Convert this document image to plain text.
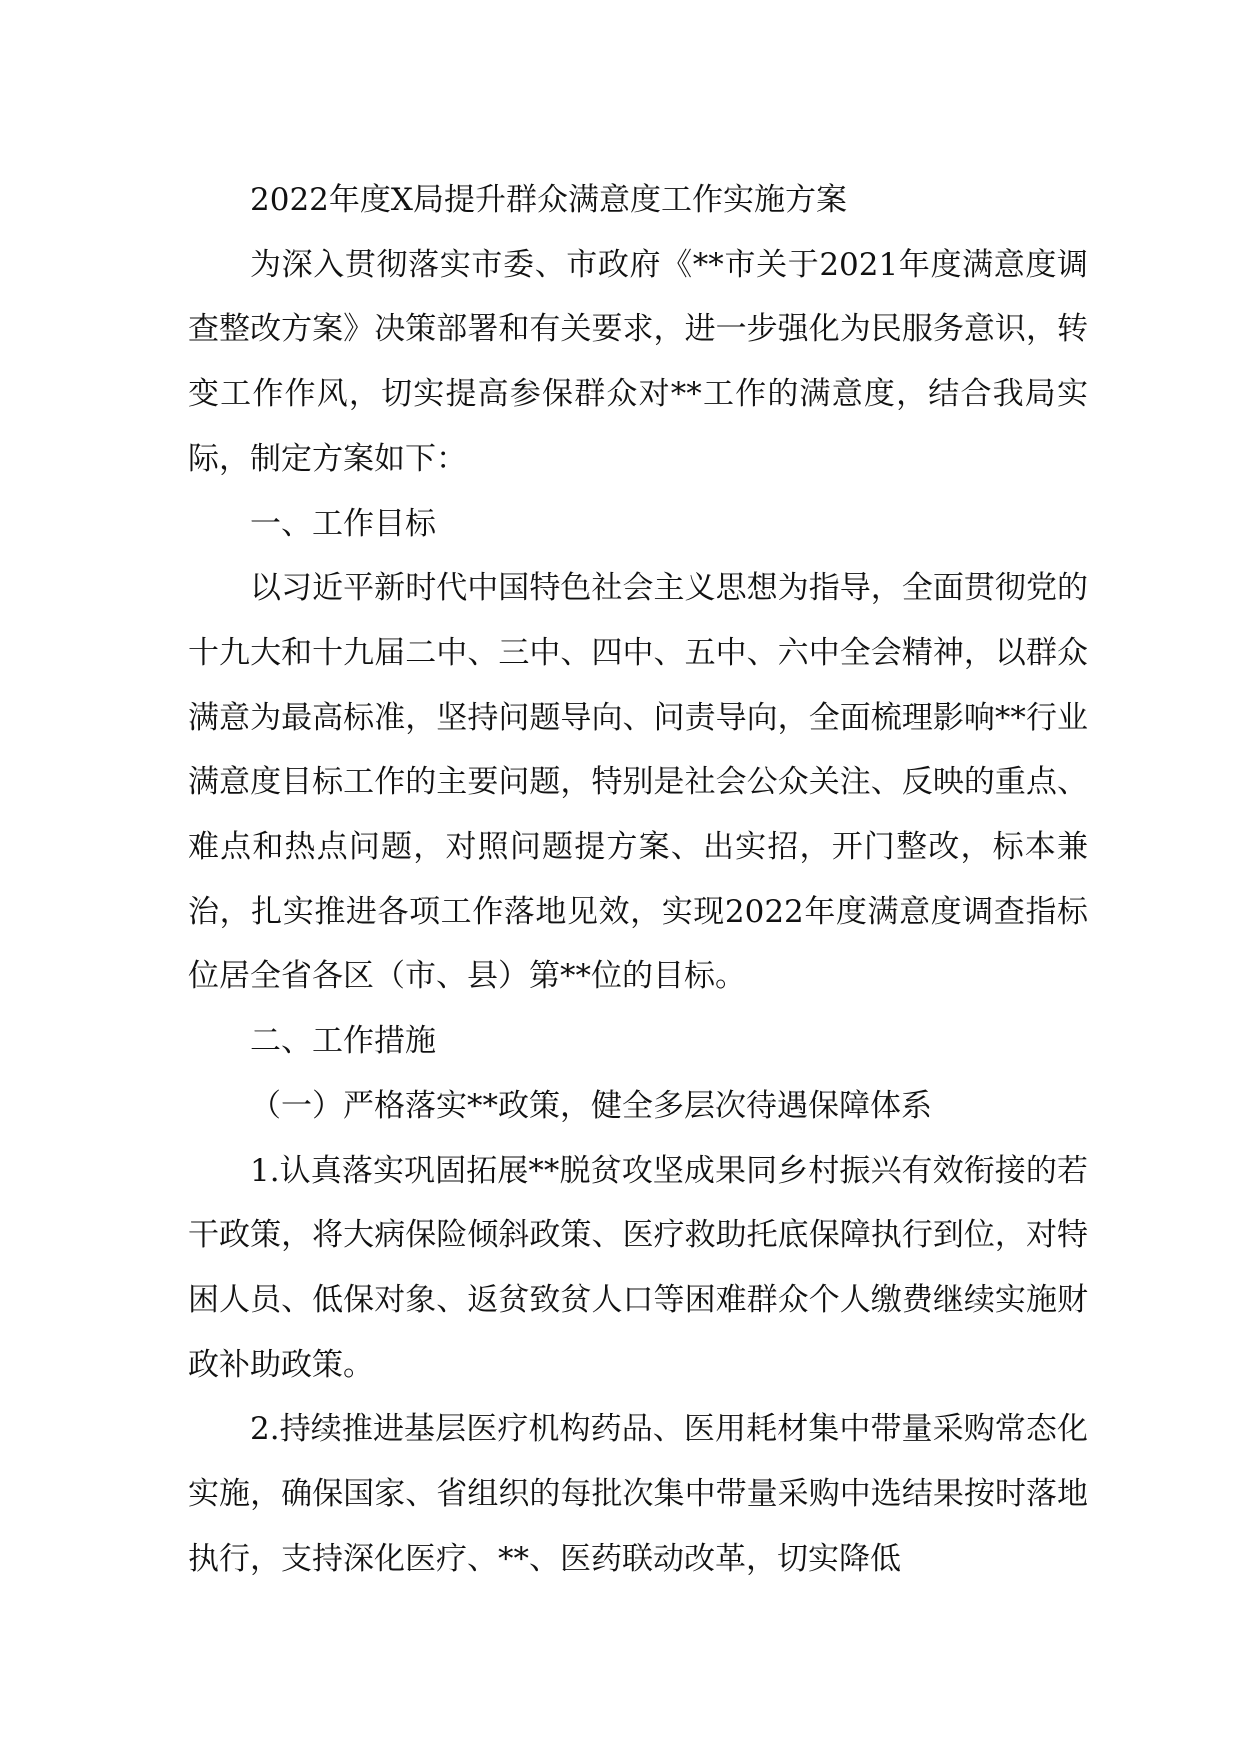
2022年度X局提升群众满意度工作实施方案

为深入贯彻落实市委、市政府《**市关于2021年度满意度调查整改方案》决策部署和有关要求，进一步强化为民服务意识，转变工作作风，切实提高参保群众对**工作的满意度，结合我局实际，制定方案如下：

一、工作目标

以习近平新时代中国特色社会主义思想为指导，全面贯彻党的十九大和十九届二中、三中、四中、五中、六中全会精神，以群众满意为最高标准，坚持问题导向、问责导向，全面梳理影响**行业满意度目标工作的主要问题，特别是社会公众关注、反映的重点、难点和热点问题，对照问题提方案、出实招，开门整改，标本兼治，扎实推进各项工作落地见效，实现2022年度满意度调查指标位居全省各区（市、县）第**位的目标。

二、工作措施

（一）严格落实**政策，健全多层次待遇保障体系

1.认真落实巩固拓展**脱贫攻坚成果同乡村振兴有效衔接的若干政策，将大病保险倾斜政策、医疗救助托底保障执行到位，对特困人员、低保对象、返贫致贫人口等困难群众个人缴费继续实施财政补助政策。

2.持续推进基层医疗机构药品、医用耗材集中带量采购常态化实施，确保国家、省组织的每批次集中带量采购中选结果按时落地执行，支持深化医疗、**、医药联动改革，切实降低
